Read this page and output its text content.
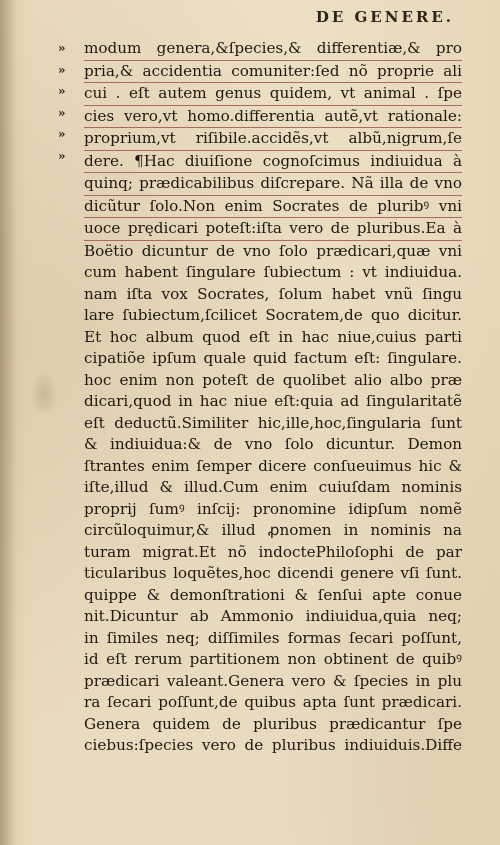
DE GENERE.
»
»
»
»
»
»
modum genera,&ſpecies,& differentiæ,& pro
pria,& accidentia comuniter:ſed nõ proprie ali
cui . eſt autem genus quidem, vt animal . ſpe
cies vero,vt homo.differentia autẽ,vt rationale:
proprium,vt riſibile.accidẽs,vt albũ,nigrum,ſe
dere. ¶Hac diuiſione cognoſcimus indiuidua à
quinq; prædicabilibus diſcrepare. Nã illa de vno
dicũtur ſolo.Non enim Socrates de pluribꝰ vni
uoce prędicari poteſt:iſta vero de pluribus.Ea à
Boëtio dicuntur de vno ſolo prædicari,quæ vni
cum habent ſingulare ſubiectum : vt indiuidua.
nam iſta vox Socrates, ſolum habet vnũ ſingu
lare ſubiectum,ſcilicet Socratem,de quo dicitur.
Et hoc album quod eſt in hac niue,cuius parti
cipatiõe ipſum quale quid factum eſt: ſingulare.
hoc enim non poteſt de quolibet alio albo præ
dicari,quod in hac niue eſt:quia ad ſingularitatẽ
eſt deductũ.Similiter hic,ille,hoc,ſingularia ſunt
& indiuidua:& de vno ſolo dicuntur. Demon
ſtrantes enim ſemper dicere conſueuimus hic &
iſte,illud & illud.Cum enim cuiuſdam nominis
proprij ſumꝰ inſcij: pronomine idipſum nomẽ
circũloquimur,& illud ꝓnomen in nominis na
turam migrat.Et nõ indoctePhiloſophi de par
ticularibus loquẽtes,hoc dicendi genere vſi ſunt.
quippe & demonſtrationi & ſenſui apte conue
nit.Dicuntur ab Ammonio indiuidua,quia neq;
in ſimiles neq; diſſimiles formas ſecari poſſunt,
id eſt rerum partitionem non obtinent de quibꝰ
prædicari valeant.Genera vero & ſpecies in plu
ra ſecari poſſunt,de quibus apta ſunt prædicari.
Genera quidem de pluribus prædicantur ſpe
ciebus:ſpecies vero de pluribus indiuiduis.Diffe
